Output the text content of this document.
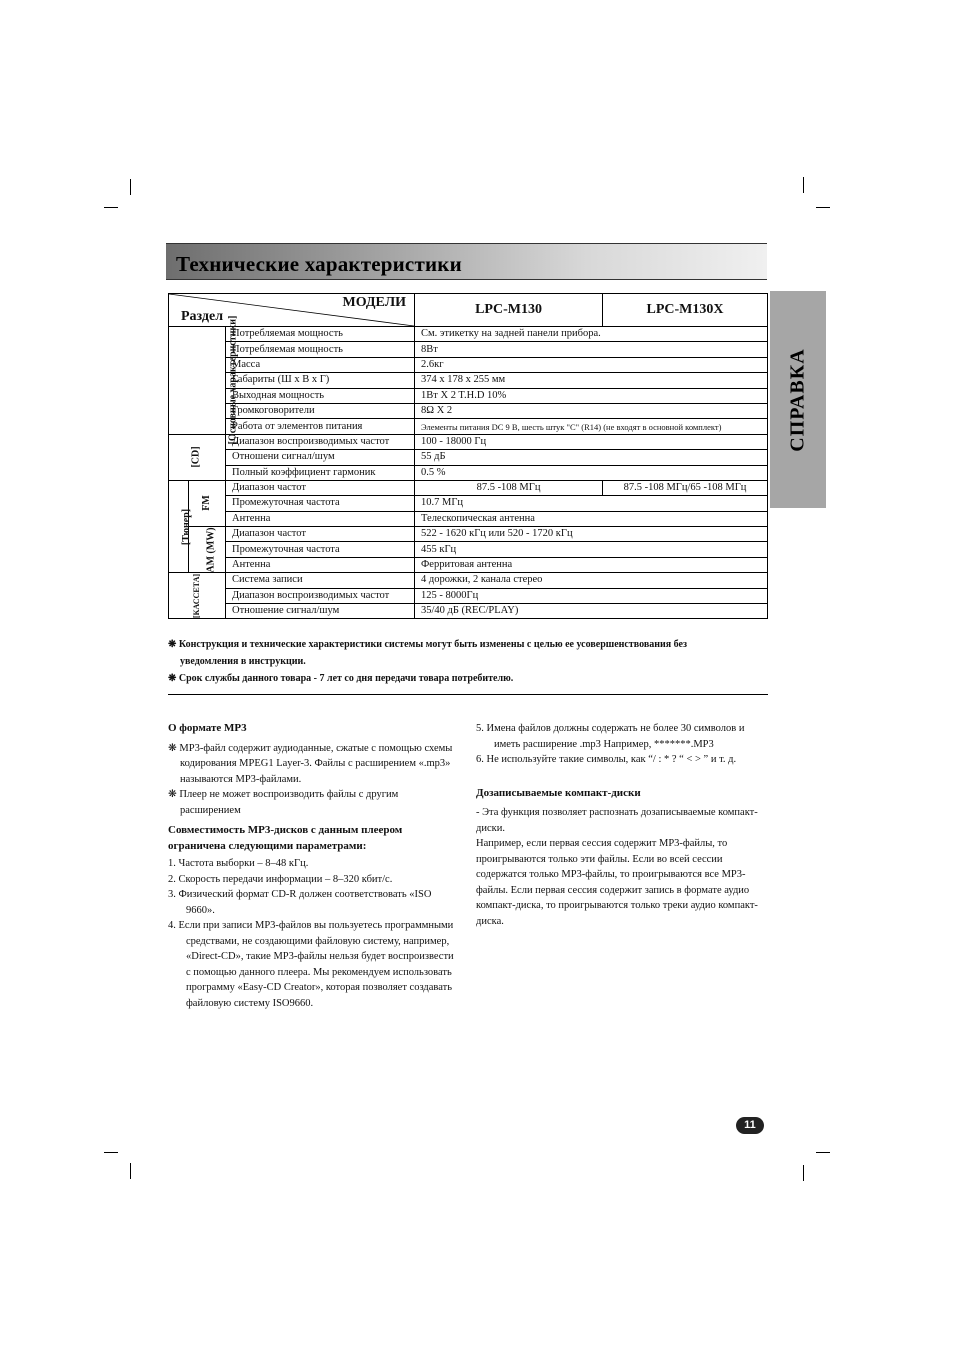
Технические характеристики
СПРАВКА
МОДЕЛИ
Раздел			LPC-M130	LPC-M130X
[Основные характеристики]		Потребляемая мощность	См. этикетку на задней панели прибора.	
		Потребляемая мощность	8Вт	
		Масса	2.6кг	
		Габариты (Ш x В x Г)	374 x 178 x 255 мм	
		Выходная мощность	1Вт X 2 T.H.D 10%	
		Громкоговорители	8Ω X 2	
		Работа от элементов питания	Элементы питания DC 9 В, шесть штук "C" (R14) (не входят в основной комплект)	
[CD]		Диапазон воспроизводимых частот	100 - 18000 Гц	
		Отношени сигнал/шум	55 дБ	
		Полный коэффициент гармоник	0.5 %	
[Тюнер]	FM	Диапазон частот	87.5 -108 МГц	87.5 -108 МГц/65 -108 МГц
		Промежуточная частота	10.7 МГц	
		Антенна	Телескопическая антенна	
	AM (MW)	Диапазон частот	522 - 1620 кГц или 520 - 1720 кГц	
		Промежуточная частота	455 кГц	
		Антенна	Ферритовая антенна	
[КАССЕТА]		Система записи	4 дорожки, 2 канала стерео	
		Диапазон воспроизводимых частот	125 - 8000Гц	
		Отношение сигнал/шум	35/40 дБ (REC/PLAY)	

❋ Конструкция и технические характеристики системы могут быть изменены с целью ее усовершенствования без

уведомления в инструкции.

❋ Срок службы данного товара - 7 лет со дня передачи товара потребителю.

О формате MP3

❋ MP3-файл содержит аудиоданные, сжатые с помощью схемы кодирования MPEG1 Layer-3. Файлы с расширением «.mp3» называются MP3-файлами.

❋ Плеер не может воспроизводить файлы с другим расширением

Совместимость MP3-дисков с данным плеером ограничена следующими параметрами:

1. Частота выборки – 8–48 кГц.

2. Скорость передачи информации – 8–320 кбит/с.

3. Физический формат CD-R должен соответствовать «ISO 9660».

4. Если при записи MP3-файлов вы пользуетесь программными средствами, не создающими файловую систему, например, «Direct-CD», такие MP3-файлы нельзя будет воспроизвести с помощью данного плеера. Мы рекомендуем использовать программу «Easy-CD Creator», которая позволяет создавать файловую систему ISO9660.

5. Имена файлов должны содержать не более 30 символов и иметь расширение .mp3 Например, *******.MP3

6. Не используйте такие символы, как “/ : * ? “ < > ” и т. д.

Дозаписываемые компакт-диски

- Эта функция позволяет распознать дозаписываемые компакт-диски.

Например, если первая сессия содержит MP3-файлы, то проигрываются только эти файлы. Если во всей сессии содержатся только MP3-файлы, то проигрываются все MP3-файлы. Если первая сессия содержит запись в формате аудио компакт-диска, то проигрываются только треки аудио компакт-диска.

11
